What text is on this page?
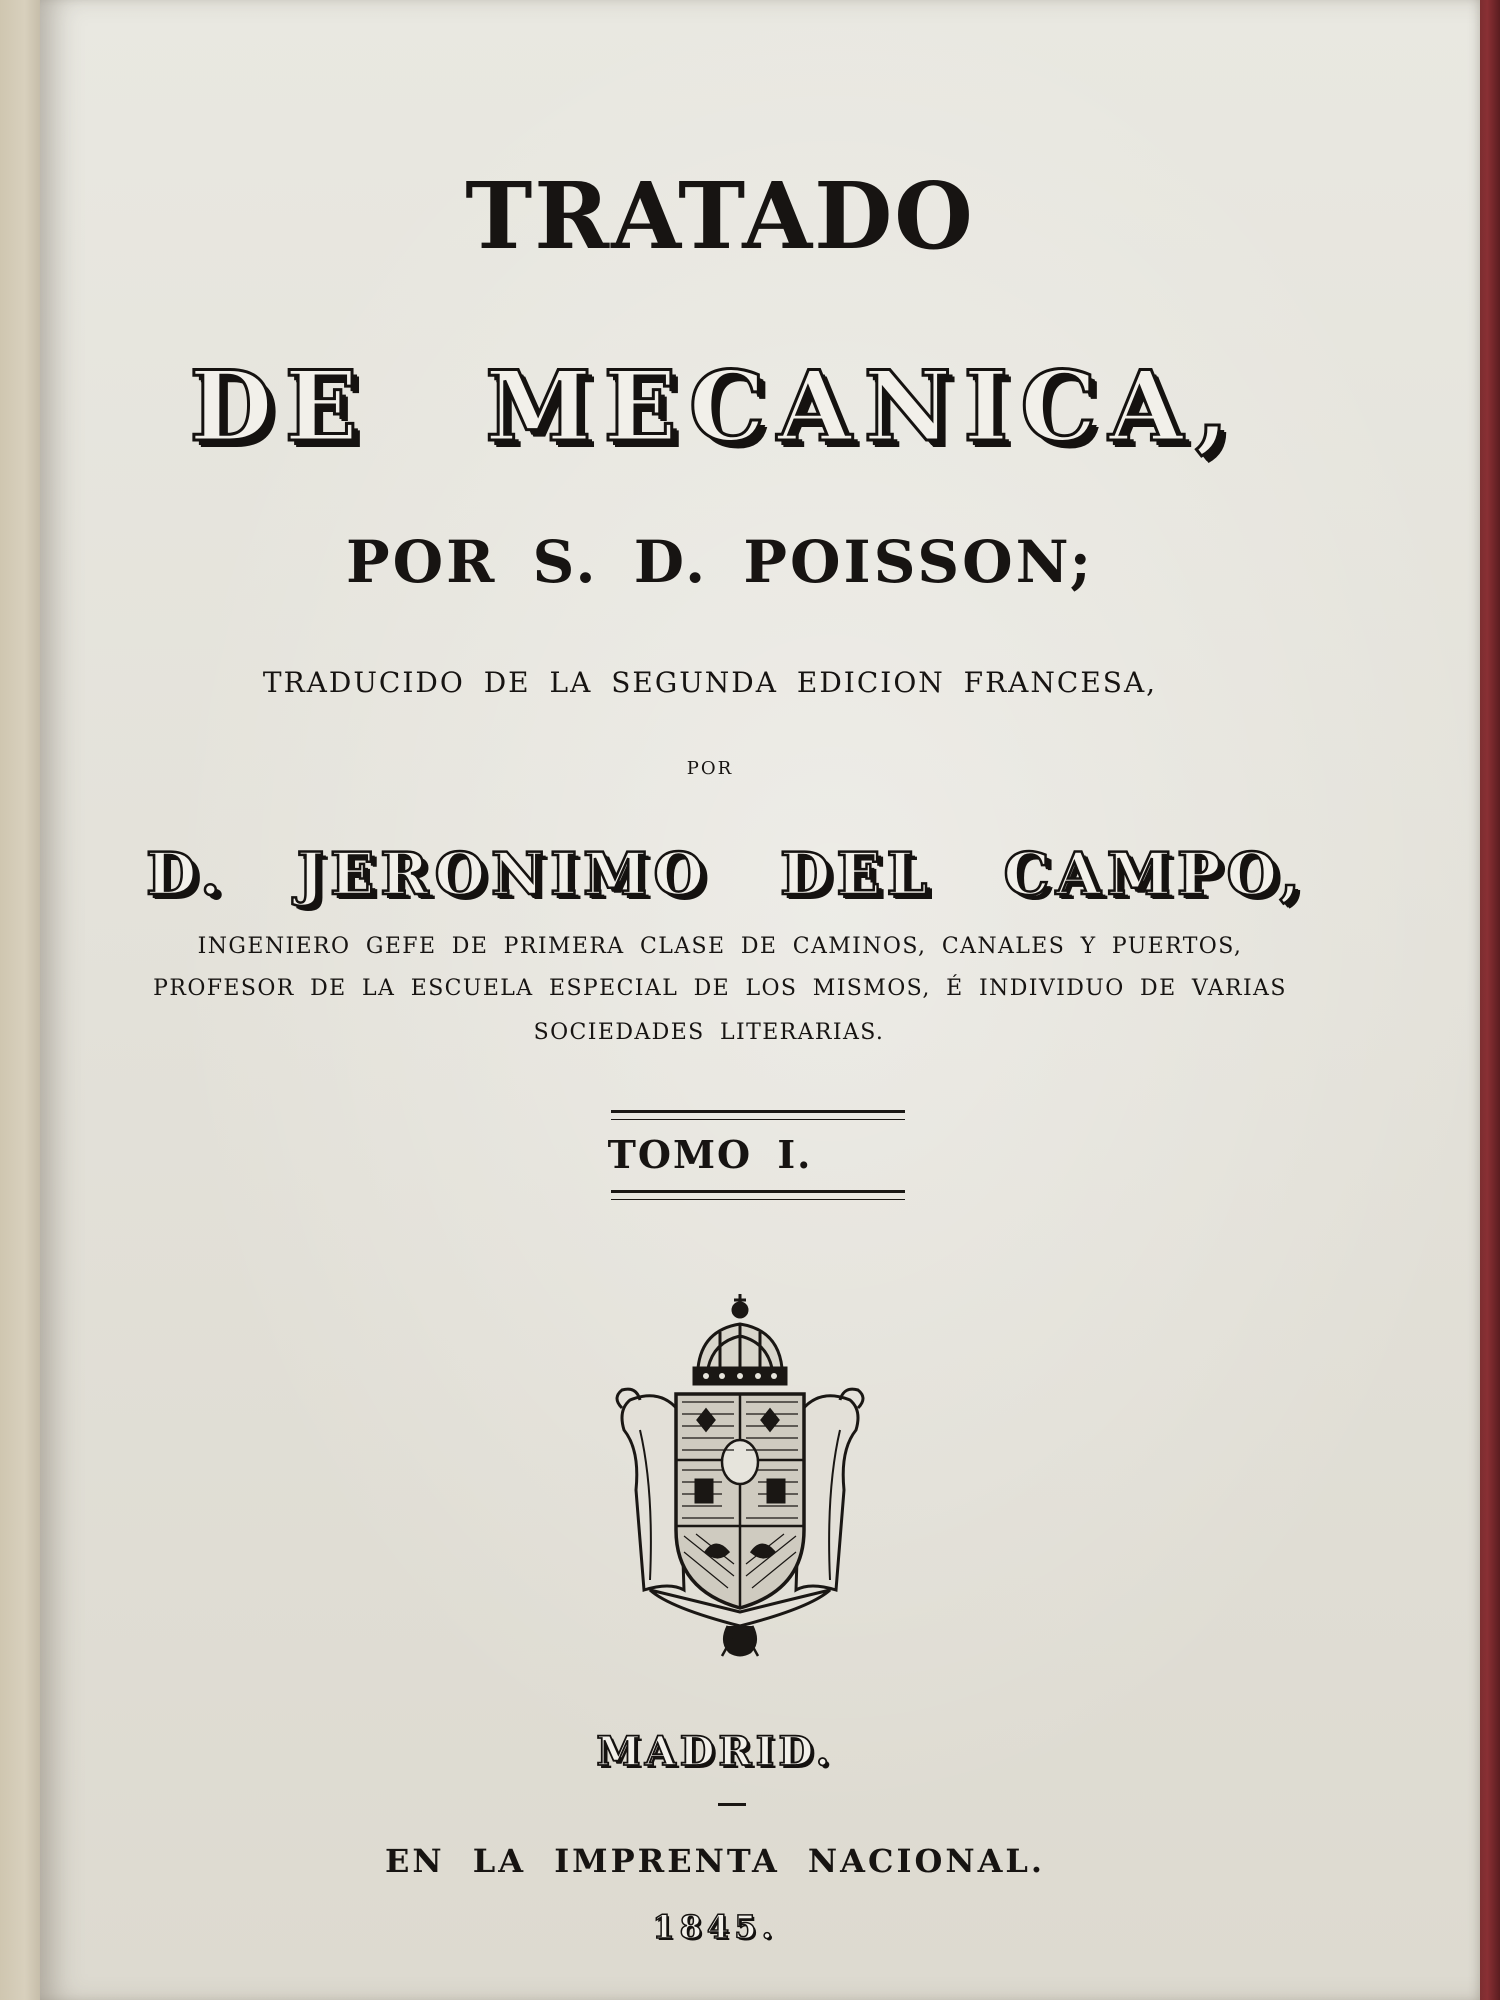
TRATADO
DE MECANICA,
POR S. D. POISSON;
TRADUCIDO DE LA SEGUNDA EDICION FRANCESA,
POR
D. JERONIMO DEL CAMPO,
INGENIERO GEFE DE PRIMERA CLASE DE CAMINOS, CANALES Y PUERTOS,
PROFESOR DE LA ESCUELA ESPECIAL DE LOS MISMOS, É INDIVIDUO DE VARIAS
SOCIEDADES LITERARIAS.
TOMO I.
MADRID.
EN LA IMPRENTA NACIONAL.
1845.
